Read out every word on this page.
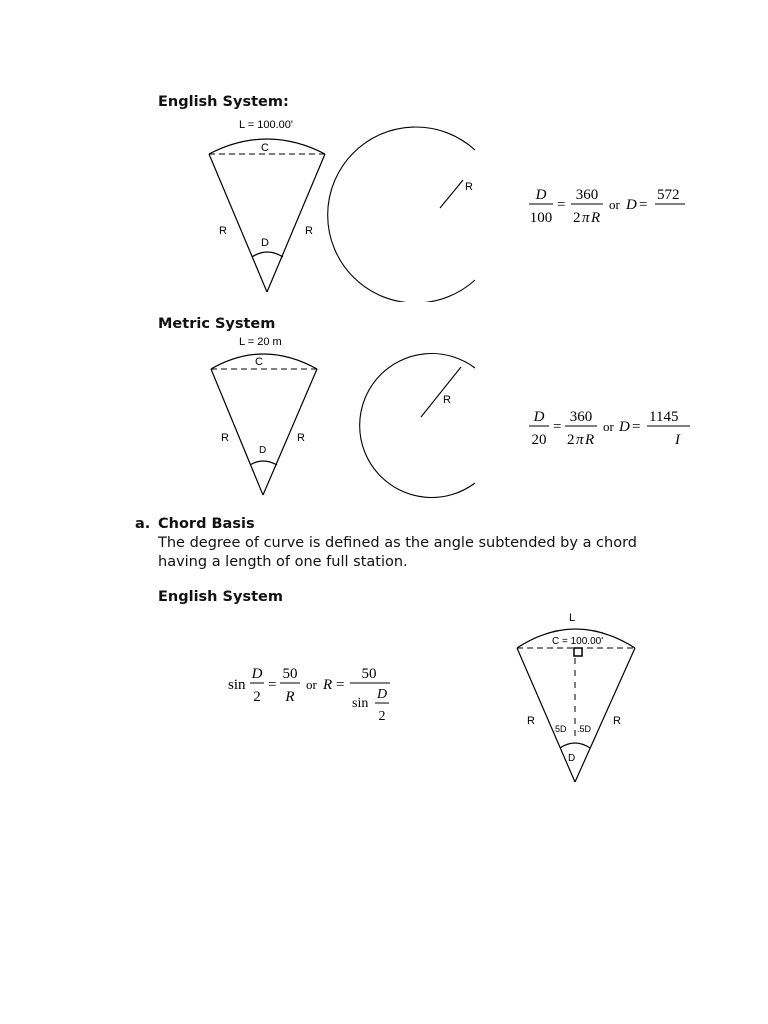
English System:
L = 100.00'
C
R	R
D
R	D
100
=
360
2 π R
or D =
572
Metric System
L = 20 m
C
R	R
D
R
D
20
=
360
2 π R
or D =
1145
I
a. Chord Basis
The degree of curve is defined as the angle subtended by a chord
having a length of one full station.
English System
sin
D
2
=
50
R
or R =
50
sin
D
2
L
C = 100.00'
R	R
5D .5D
D
